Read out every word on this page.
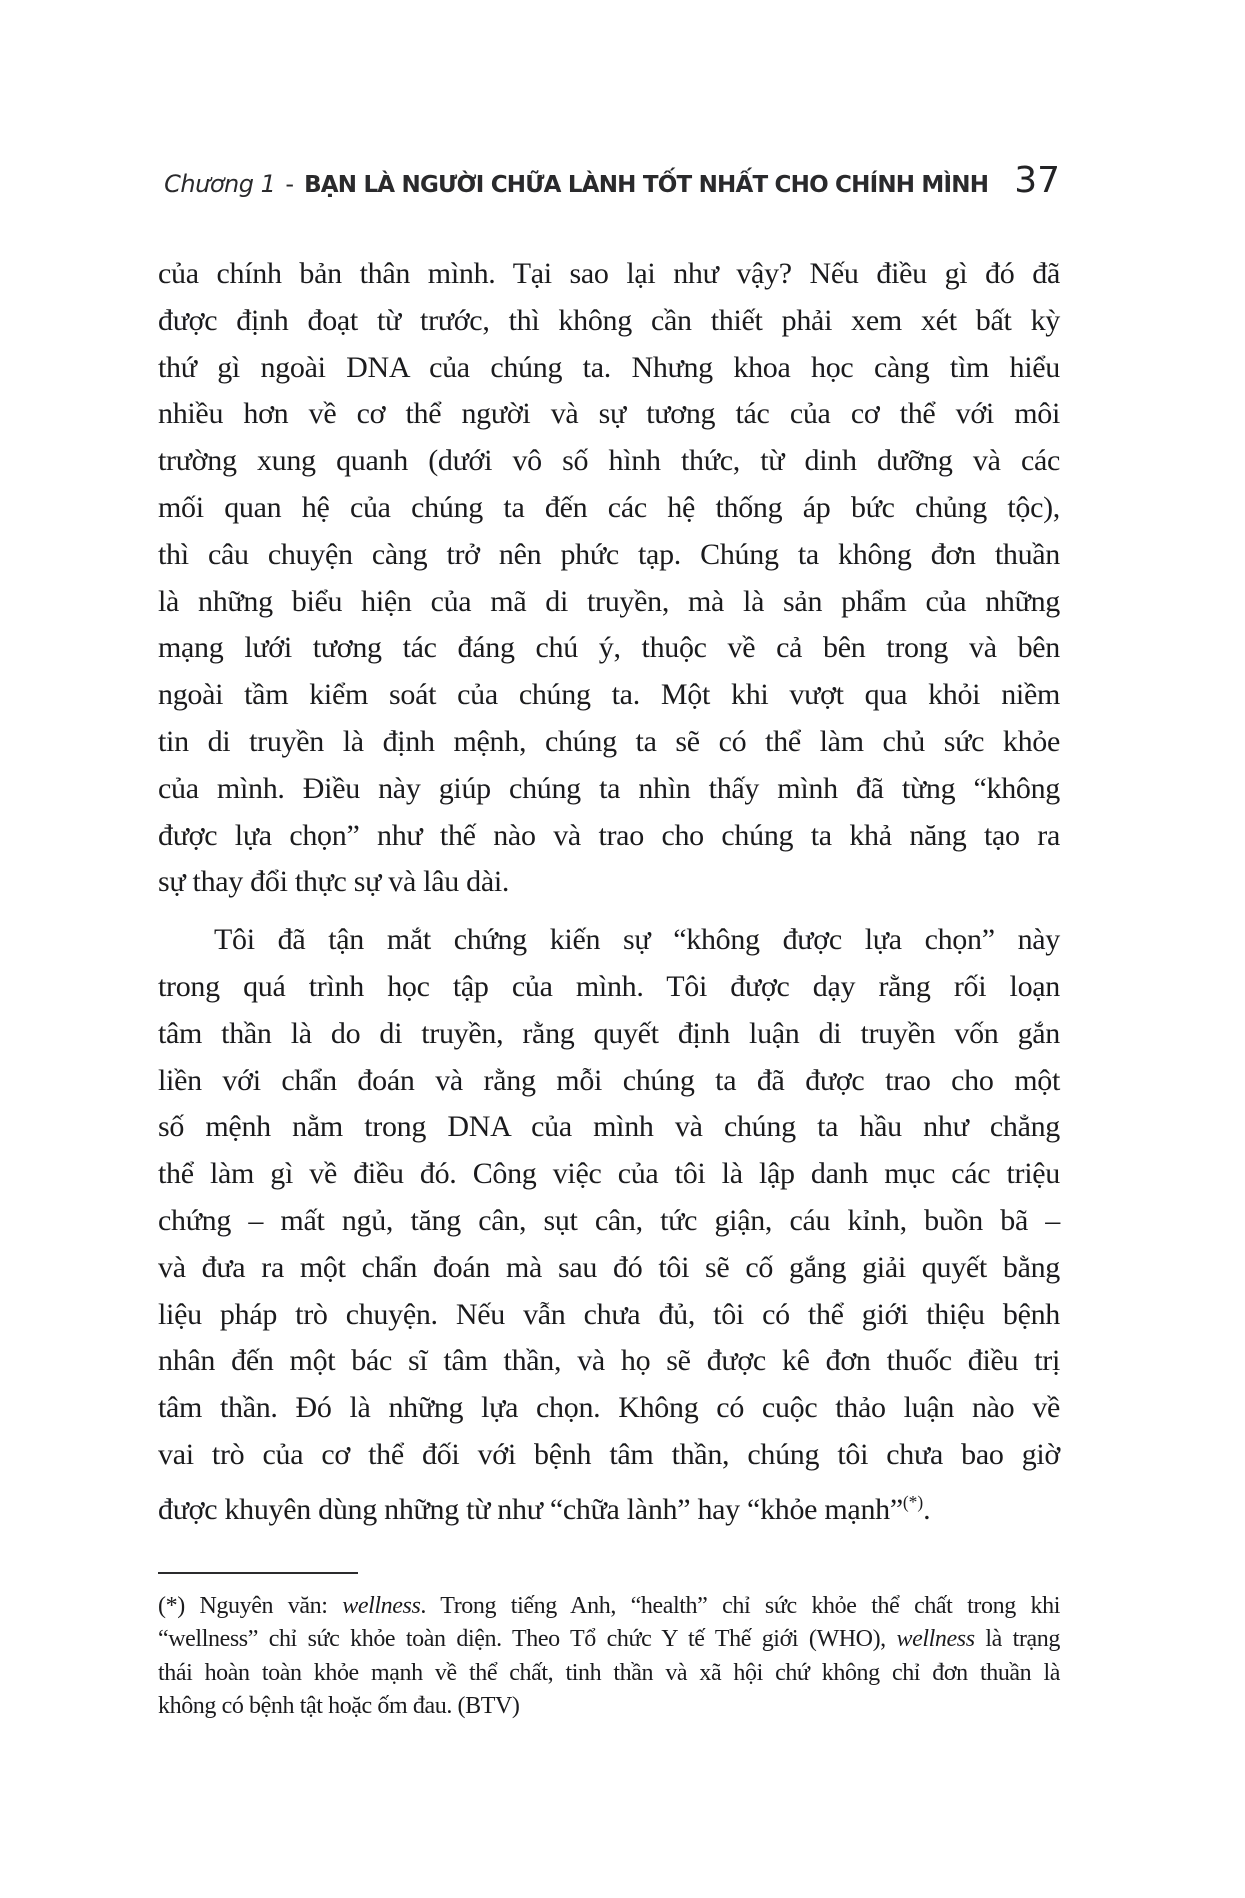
Chương 1 - BẠN LÀ NGƯỜI CHỮA LÀNH TỐT NHẤT CHO CHÍNH MÌNH 37
của chính bản thân mình. Tại sao lại như vậy? Nếu điều gì đó đã
được định đoạt từ trước, thì không cần thiết phải xem xét bất kỳ
thứ gì ngoài DNA của chúng ta. Nhưng khoa học càng tìm hiểu
nhiều hơn về cơ thể người và sự tương tác của cơ thể với môi
trường xung quanh (dưới vô số hình thức, từ dinh dưỡng và các
mối quan hệ của chúng ta đến các hệ thống áp bức chủng tộc),
thì câu chuyện càng trở nên phức tạp. Chúng ta không đơn thuần
là những biểu hiện của mã di truyền, mà là sản phẩm của những
mạng lưới tương tác đáng chú ý, thuộc về cả bên trong và bên
ngoài tầm kiểm soát của chúng ta. Một khi vượt qua khỏi niềm
tin di truyền là định mệnh, chúng ta sẽ có thể làm chủ sức khỏe
của mình. Điều này giúp chúng ta nhìn thấy mình đã từng “không
được lựa chọn” như thế nào và trao cho chúng ta khả năng tạo ra
sự thay đổi thực sự và lâu dài.
Tôi đã tận mắt chứng kiến sự “không được lựa chọn” này
trong quá trình học tập của mình. Tôi được dạy rằng rối loạn
tâm thần là do di truyền, rằng quyết định luận di truyền vốn gắn
liền với chẩn đoán và rằng mỗi chúng ta đã được trao cho một
số mệnh nằm trong DNA của mình và chúng ta hầu như chẳng
thể làm gì về điều đó. Công việc của tôi là lập danh mục các triệu
chứng – mất ngủ, tăng cân, sụt cân, tức giận, cáu kỉnh, buồn bã –
và đưa ra một chẩn đoán mà sau đó tôi sẽ cố gắng giải quyết bằng
liệu pháp trò chuyện. Nếu vẫn chưa đủ, tôi có thể giới thiệu bệnh
nhân đến một bác sĩ tâm thần, và họ sẽ được kê đơn thuốc điều trị
tâm thần. Đó là những lựa chọn. Không có cuộc thảo luận nào về
vai trò của cơ thể đối với bệnh tâm thần, chúng tôi chưa bao giờ
được khuyên dùng những từ như “chữa lành” hay “khỏe mạnh”(*).
(*) Nguyên văn: wellness. Trong tiếng Anh, “health” chỉ sức khỏe thể chất trong khi
“wellness” chỉ sức khỏe toàn diện. Theo Tổ chức Y tế Thế giới (WHO), wellness là trạng
thái hoàn toàn khỏe mạnh về thể chất, tinh thần và xã hội chứ không chỉ đơn thuần là
không có bệnh tật hoặc ốm đau. (BTV)
